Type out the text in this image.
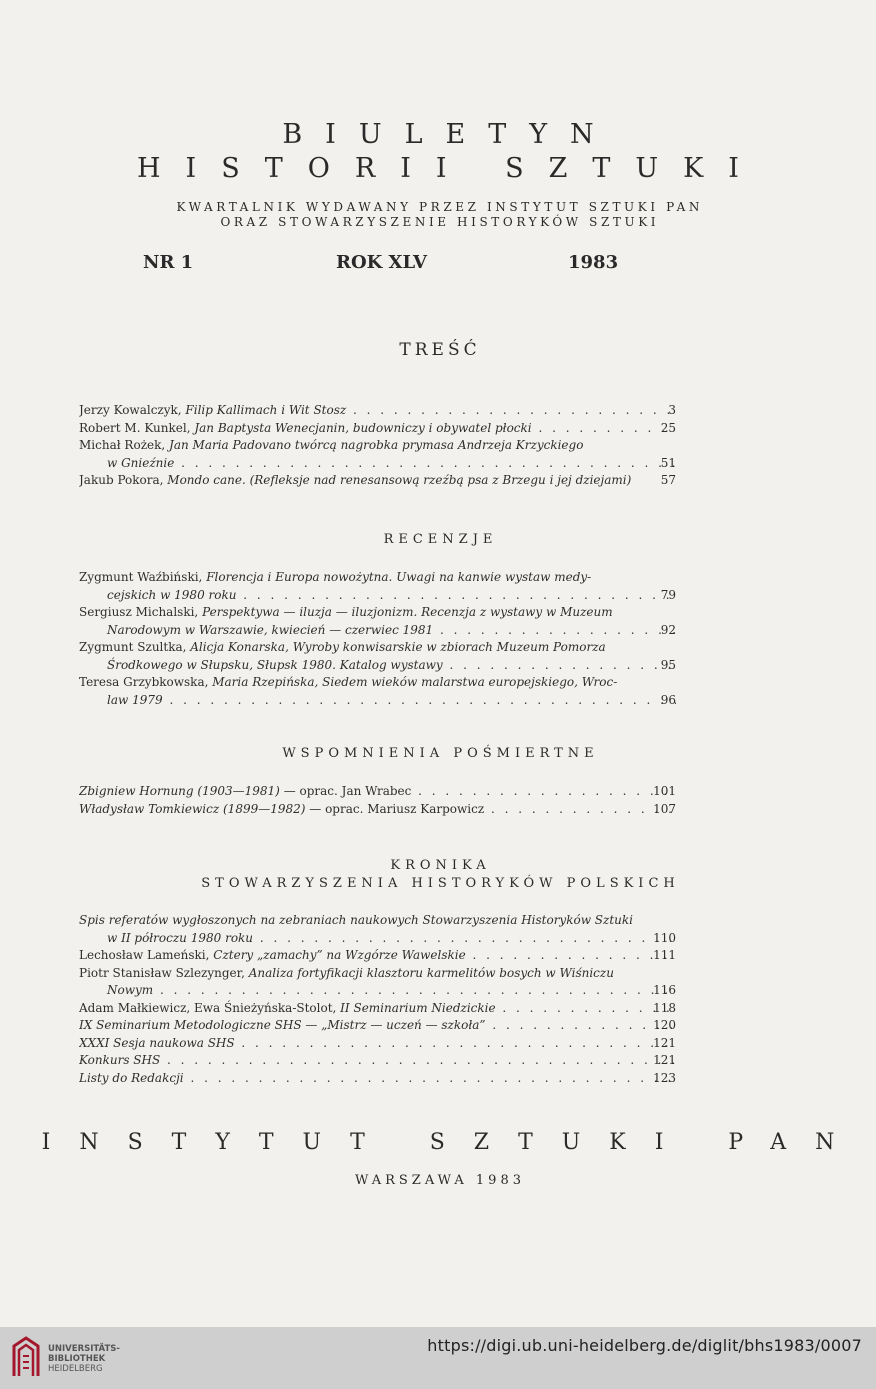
BIULETYN
HISTORII SZTUKI
KWARTALNIK WYDAWANY PRZEZ INSTYTUT SZTUKI PAN
ORAZ STOWARZYSZENIE HISTORYKÓW SZTUKI
NR 1	ROK XLV	1983
TREŚĆ
Jerzy Kowalczyk, Filip Kallimach i Wit Stosz . . .	3
Robert M. Kunkel, Jan Baptysta Wenecjanin, budowniczy i obywatel płocki . . .	25
Michał Rożek, Jan Maria Padovano twórcą nagrobka prymasa Andrzeja Krzyckiego
w Gnieźnie . . .	51
Jakub Pokora, Mondo cane. (Refleksje nad renesansową rzeźbą psa z Brzegu i jej dziejami)	57
RECENZJE
Zygmunt Waźbiński, Florencja i Europa nowożytna. Uwagi na kanwie wystaw medy-
cejskich w 1980 roku . . .	79
Sergiusz Michalski, Perspektywa — iluzja — iluzjonizm. Recenzja z wystawy w Muzeum
Narodowym w Warszawie, kwiecień — czerwiec 1981 . . .	92
Zygmunt Szultka, Alicja Konarska, Wyroby konwisarskie w zbiorach Muzeum Pomorza
Środkowego w Słupsku, Słupsk 1980. Katalog wystawy . . .	95
Teresa Grzybkowska, Maria Rzepińska, Siedem wieków malarstwa europejskiego, Wroc-
law 1979 . . .	96
WSPOMNIENIA POŚMIERTNE
Zbigniew Hornung (1903—1981) — oprac. Jan Wrabec . . .	101
Władysław Tomkiewicz (1899—1982) — oprac. Mariusz Karpowicz . . .	107
KRONIKA
STOWARZYSZENIA HISTORYKÓW POLSKICH
Spis referatów wygłoszonych na zebraniach naukowych Stowarzyszenia Historyków Sztuki
w II półroczu 1980 roku . . .	110
Lechosław Lameński, Cztery „zamachy” na Wzgórze Wawelskie . . .	111
Piotr Stanisław Szlezynger, Analiza fortyfikacji klasztoru karmelitów bosych w Wiśniczu
Nowym . . .	116
Adam Małkiewicz, Ewa Śnieżyńska-Stolot, II Seminarium Niedzickie . . .	118
IX Seminarium Metodologiczne SHS — „Mistrz — uczeń — szkoła” . . .	120
XXXI Sesja naukowa SHS . . .	121
Konkurs SHS . . .	121
Listy do Redakcji . . .	123
INSTYTUT SZTUKI PAN
WARSZAWA 1983
UNIVERSITÄTS-
BIBLIOTHEK
HEIDELBERG
https://digi.ub.uni-heidelberg.de/diglit/bhs1983/0007
